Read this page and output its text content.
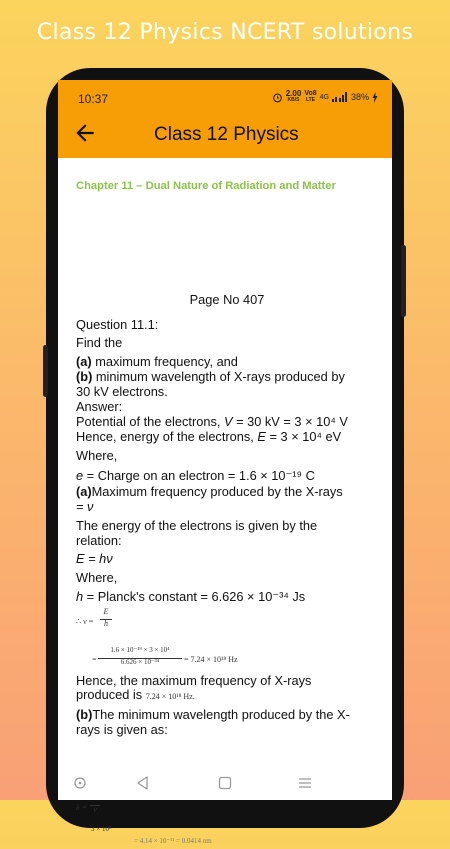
Class 12 Physics NCERT solutions
10:37	2.00
KB/S
Vo8
LTE 4G 38%
Class 12 Physics
Chapter 11 – Dual Nature of Radiation and Matter
Page No 407
Question 11.1:
Find the
(a) maximum frequency, and
(b) minimum wavelength of X-rays produced by
30 kV electrons.
Answer:
Potential of the electrons, V = 30 kV = 3 × 10⁴ V
Hence, energy of the electrons, E = 3 × 10⁴ eV
Where,
e = Charge on an electron = 1.6 × 10⁻¹⁹ C
(a)Maximum frequency produced by the X-rays
= ν
The energy of the electrons is given by the
relation:
E = hν
Where,
h = Planck's constant = 6.626 × 10⁻³⁴ Js
∴ ν =
E
h
=
1.6 × 10⁻¹⁹ × 3 × 10⁴
6.626 × 10⁻³⁴	= 7.24 × 10¹⁸ Hz
Hence, the maximum frequency of X-rays
produced is 7.24 × 10¹⁸ Hz.
(b)The minimum wavelength produced by the X-
rays is given as:
λ = ν
3 × 10⁸
= 4.14 × 10⁻¹¹ = 0.0414 nm
